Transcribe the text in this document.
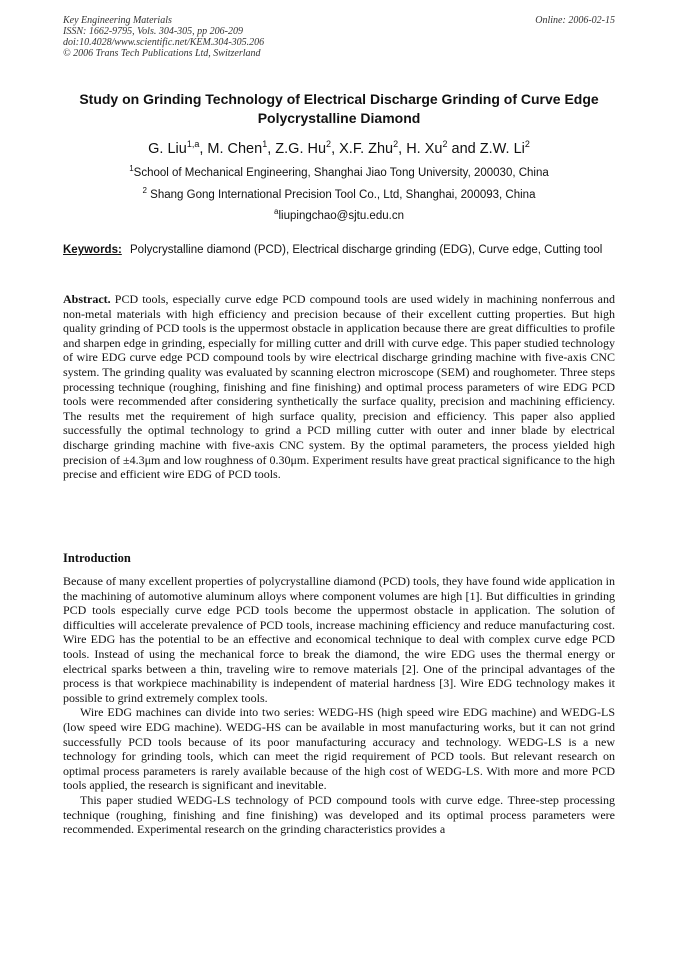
Key Engineering Materials
ISSN: 1662-9795, Vols. 304-305, pp 206-209
doi:10.4028/www.scientific.net/KEM.304-305.206
© 2006 Trans Tech Publications Ltd, Switzerland
Online: 2006-02-15
Study on Grinding Technology of Electrical Discharge Grinding of Curve Edge Polycrystalline Diamond
G. Liu$^{1,a}$, M. Chen$^1$, Z.G. Hu$^2$, X.F. Zhu$^2$, H. Xu$^2$ and Z.W. Li$^2$
$^1$School of Mechanical Engineering, Shanghai Jiao Tong University, 200030, China
$^2$ Shang Gong International Precision Tool Co., Ltd, Shanghai, 200093, China
$^a$liupingchao@sjtu.edu.cn
Keywords: Polycrystalline diamond (PCD), Electrical discharge grinding (EDG), Curve edge, Cutting tool
Abstract. PCD tools, especially curve edge PCD compound tools are used widely in machining nonferrous and non-metal materials with high efficiency and precision because of their excellent cutting properties. But high quality grinding of PCD tools is the uppermost obstacle in application because there are great difficulties to profile and sharpen edge in grinding, especially for milling cutter and drill with curve edge. This paper studied technology of wire EDG curve edge PCD compound tools by wire electrical discharge grinding machine with five-axis CNC system. The grinding quality was evaluated by scanning electron microscope (SEM) and roughometer. Three steps processing technique (roughing, finishing and fine finishing) and optimal process parameters of wire EDG PCD tools were recommended after considering synthetically the surface quality, precision and machining efficiency. The results met the requirement of high surface quality, precision and efficiency. This paper also applied successfully the optimal technology to grind a PCD milling cutter with outer and inner blade by electrical discharge grinding machine with five-axis CNC system. By the optimal parameters, the process yielded high precision of ±4.3μm and low roughness of 0.30μm. Experiment results have great practical significance to the high precise and efficient wire EDG of PCD tools.
Introduction

Because of many excellent properties of polycrystalline diamond (PCD) tools, they have found wide application in the machining of automotive aluminum alloys where component volumes are high [1]. But difficulties in grinding PCD tools especially curve edge PCD tools become the uppermost obstacle in application. The solution of difficulties will accelerate prevalence of PCD tools, increase machining efficiency and reduce manufacturing cost. Wire EDG has the potential to be an effective and economical technique to deal with complex curve edge PCD tools. Instead of using the mechanical force to break the diamond, the wire EDG uses the thermal energy or electrical sparks between a thin, traveling wire to remove materials [2]. One of the principal advantages of the process is that workpiece machinability is independent of material hardness [3]. Wire EDG technology makes it possible to grind extremely complex tools.

Wire EDG machines can divide into two series: WEDG-HS (high speed wire EDG machine) and WEDG-LS (low speed wire EDG machine). WEDG-HS can be available in most manufacturing works, but it can not grind successfully PCD tools because of its poor manufacturing accuracy and technology. WEDG-LS is a new technology for grinding tools, which can meet the rigid requirement of PCD tools. But relevant research on optimal process parameters is rarely available because of the high cost of WEDG-LS. With more and more PCD tools applied, the research is significant and inevitable.

This paper studied WEDG-LS technology of PCD compound tools with curve edge. Three-step processing technique (roughing, finishing and fine finishing) was developed and its optimal process parameters were recommended. Experimental research on the grinding characteristics provides a
